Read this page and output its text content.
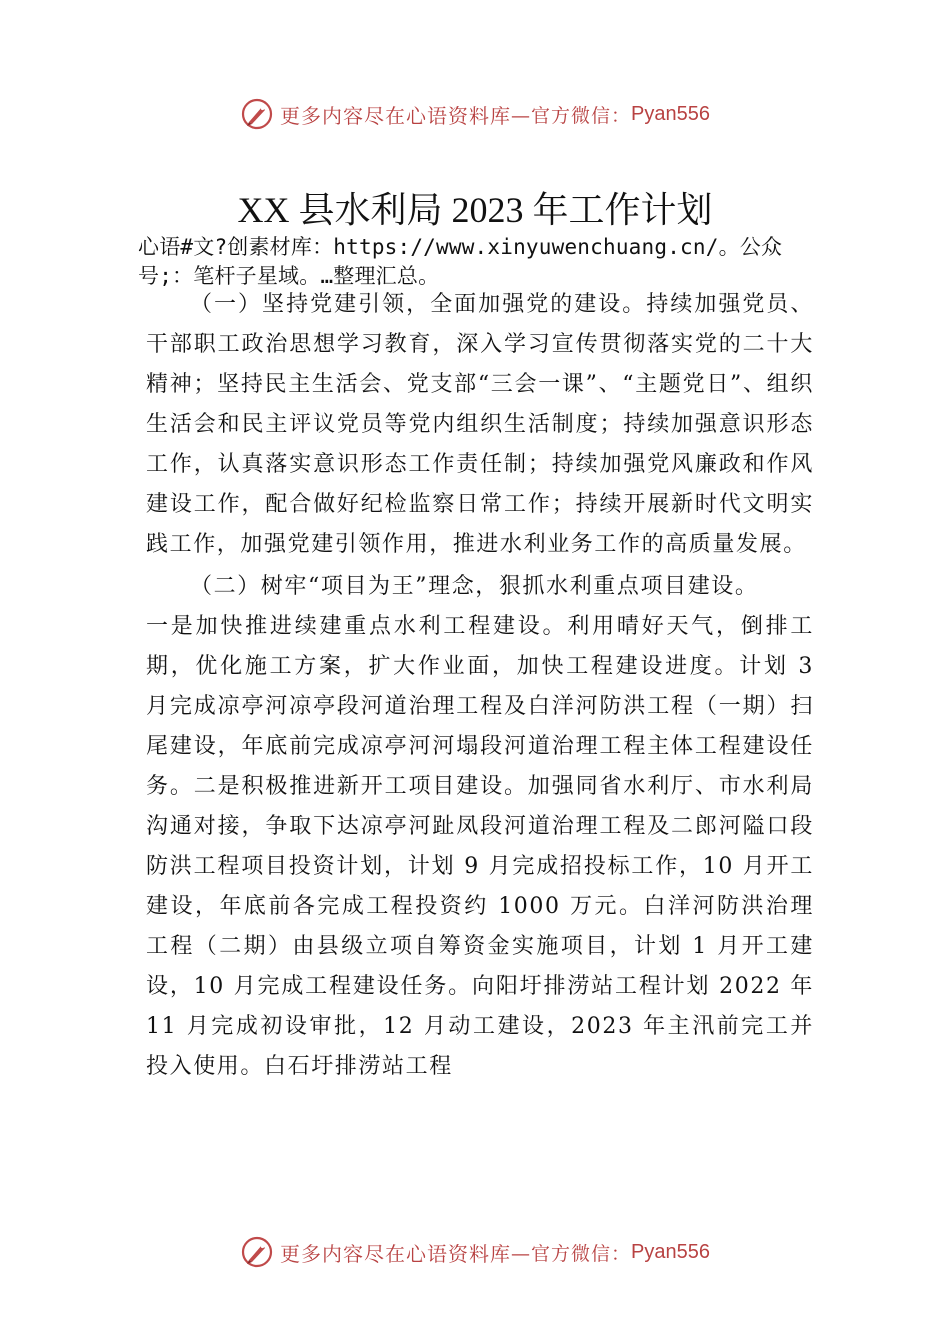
更多内容尽在心语资料库 —官方微信： Pyan556
XX 县水利局 2023 年工作计划

心语#文?创素材库：https://www.xinyuwenchuang.cn/。公众号;：笔杆子星域。…整理汇总。

（一）坚持党建引领，全面加强党的建设。持续加强党员、干部职工政治思想学习教育，深入学习宣传贯彻落实党的二十大精神；坚持民主生活会、党支部“三会一课”、“主题党日”、组织生活会和民主评议党员等党内组织生活制度；持续加强意识形态工作，认真落实意识形态工作责任制；持续加强党风廉政和作风建设工作，配合做好纪检监察日常工作；持续开展新时代文明实践工作，加强党建引领作用，推进水利业务工作的高质量发展。

（二）树牢“项目为王”理念，狠抓水利重点项目建设。

一是加快推进续建重点水利工程建设。利用晴好天气，倒排工期，优化施工方案，扩大作业面，加快工程建设进度。计划 3 月完成凉亭河凉亭段河道治理工程及白洋河防洪工程（一期）扫尾建设，年底前完成凉亭河河塌段河道治理工程主体工程建设任务。二是积极推进新开工项目建设。加强同省水利厅、市水利局沟通对接，争取下达凉亭河趾凤段河道治理工程及二郎河隘口段防洪工程项目投资计划，计划 9 月完成招投标工作，10 月开工建设，年底前各完成工程投资约 1000 万元。白洋河防洪治理工程（二期）由县级立项自筹资金实施项目，计划 1 月开工建设，10 月完成工程建设任务。向阳圩排涝站工程计划 2022 年 11 月完成初设审批，12 月动工建设，2023 年主汛前完工并投入使用。白石圩排涝站工程

更多内容尽在心语资料库 —官方微信： Pyan556
